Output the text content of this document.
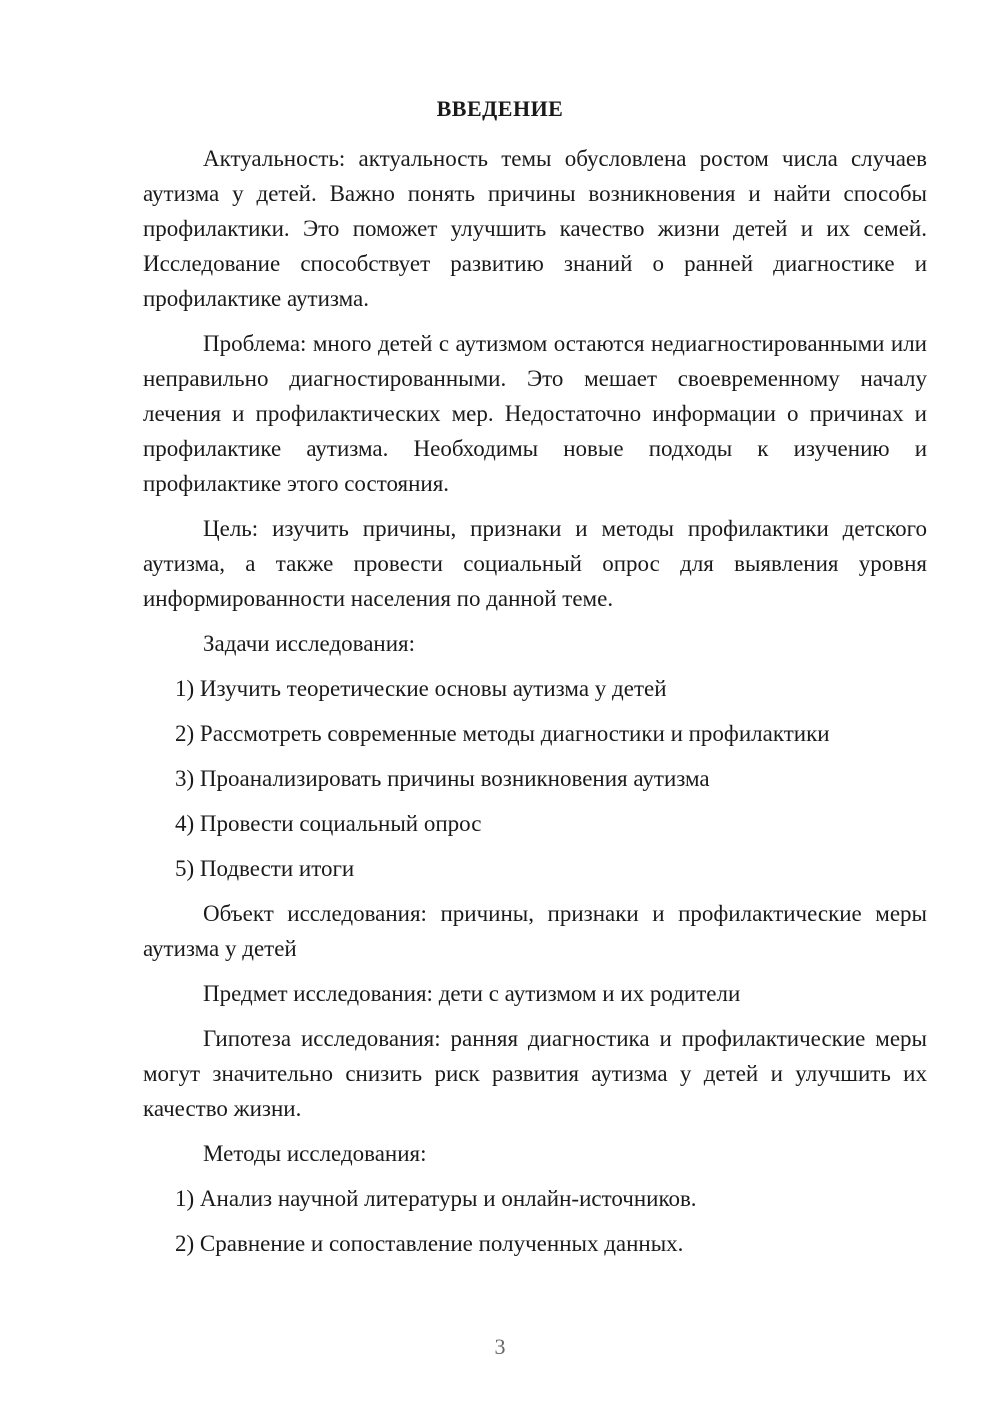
ВВЕДЕНИЕ

Актуальность: актуальность темы обусловлена ростом числа случаев аутизма у детей. Важно понять причины возникновения и найти способы профилактики. Это поможет улучшить качество жизни детей и их семей. Исследование способствует развитию знаний о ранней диагностике и профилактике аутизма.

Проблема: много детей с аутизмом остаются недиагностированными или неправильно диагностированными. Это мешает своевременному началу лечения и профилактических мер. Недостаточно информации о причинах и профилактике аутизма. Необходимы новые подходы к изучению и профилактике этого состояния.

Цель: изучить причины, признаки и методы профилактики детского аутизма, а также провести социальный опрос для выявления уровня информированности населения по данной теме.

Задачи исследования:

1) Изучить теоретические основы аутизма у детей

2) Рассмотреть современные методы диагностики и профилактики

3) Проанализировать причины возникновения аутизма

4) Провести социальный опрос

5) Подвести итоги

Объект исследования: причины, признаки и профилактические меры аутизма у детей

Предмет исследования: дети с аутизмом и их родители

Гипотеза исследования: ранняя диагностика и профилактические меры могут значительно снизить риск развития аутизма у детей и улучшить их качество жизни.

Методы исследования:

1) Анализ научной литературы и онлайн-источников.

2) Сравнение и сопоставление полученных данных.

3
